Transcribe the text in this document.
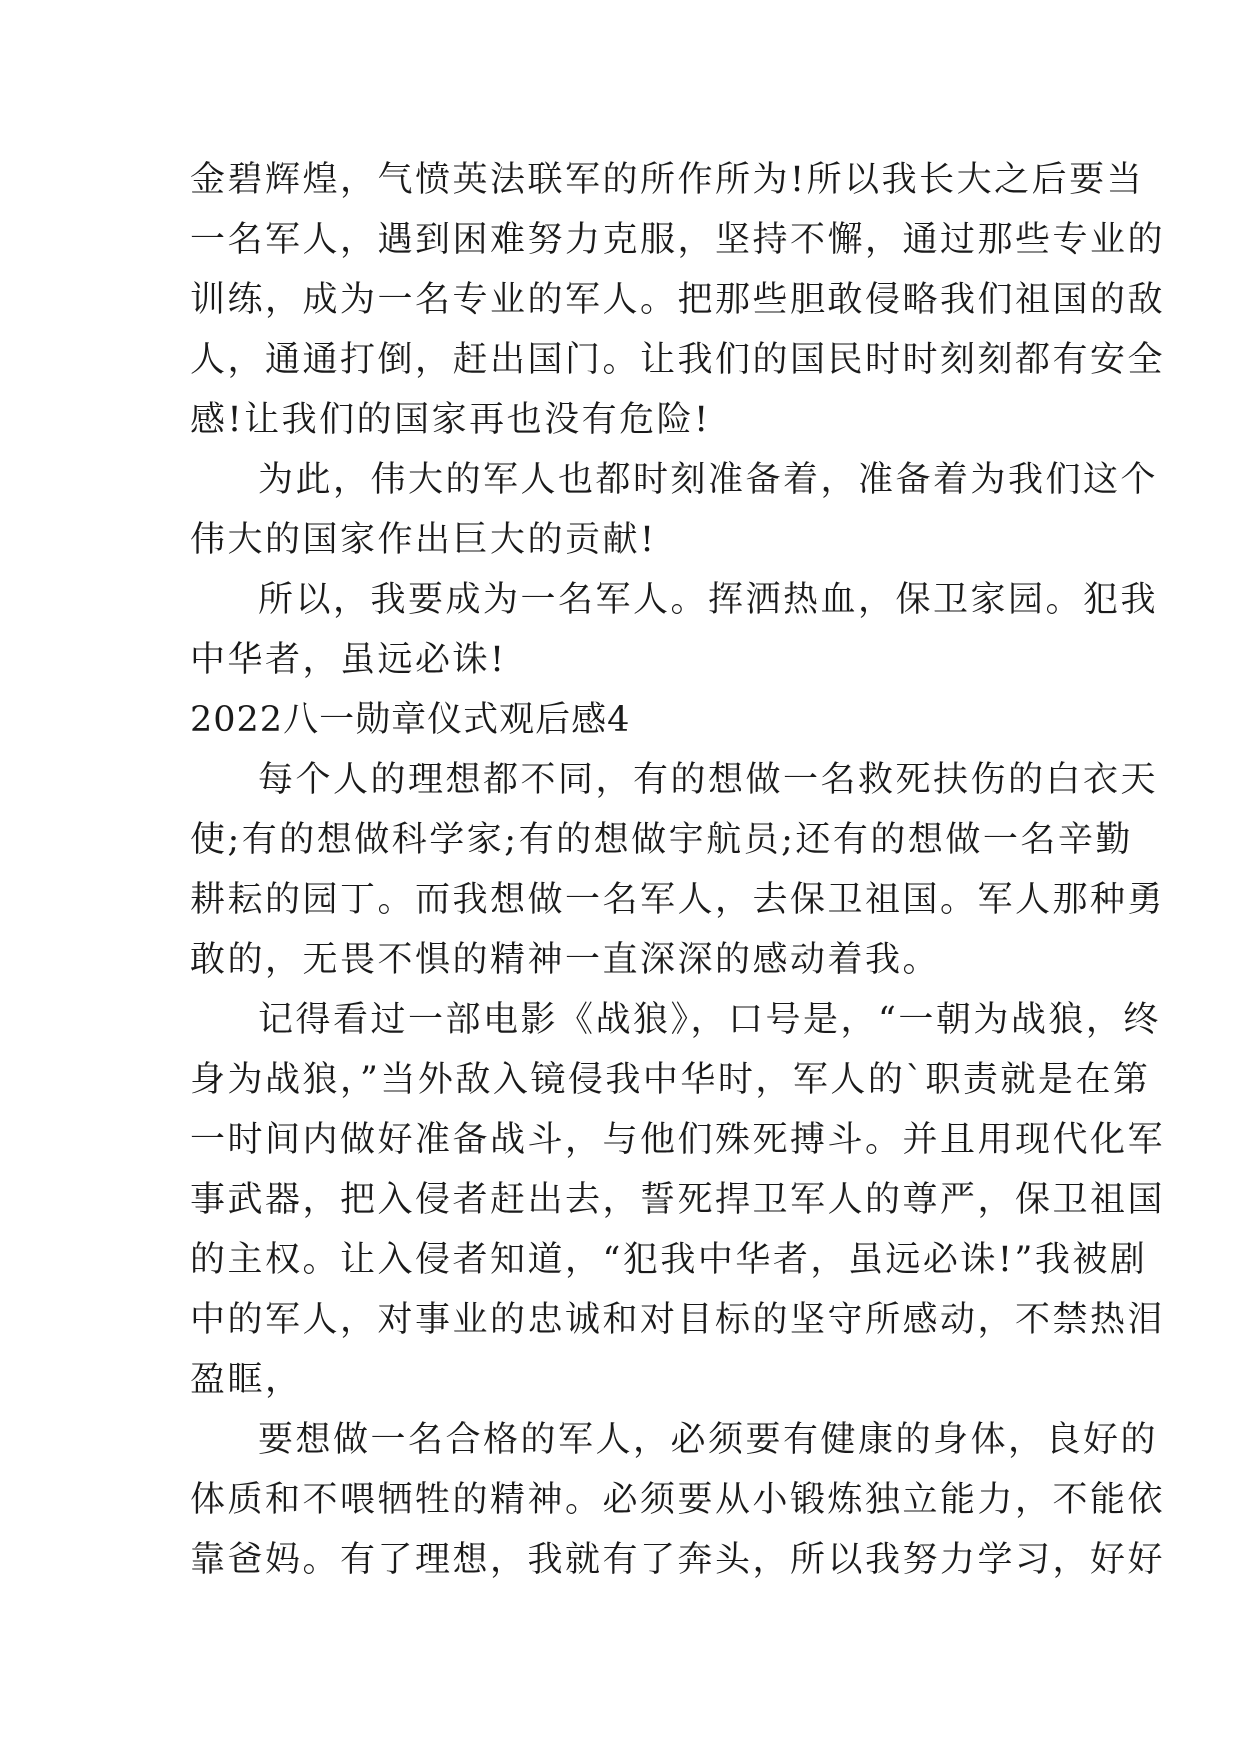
金碧辉煌，气愤英法联军的所作所为!所以我长大之后要当
一名军人，遇到困难努力克服，坚持不懈，通过那些专业的
训练，成为一名专业的军人。把那些胆敢侵略我们祖国的敌
人，通通打倒，赶出国门。让我们的国民时时刻刻都有安全
感!让我们的国家再也没有危险!
为此，伟大的军人也都时刻准备着，准备着为我们这个
伟大的国家作出巨大的贡献!
所以，我要成为一名军人。挥洒热血，保卫家园。犯我
中华者，虽远必诛!
2022八一勋章仪式观后感4
每个人的理想都不同，有的想做一名救死扶伤的白衣天
使;有的想做科学家;有的想做宇航员;还有的想做一名辛勤
耕耘的园丁。而我想做一名军人，去保卫祖国。军人那种勇
敢的，无畏不惧的精神一直深深的感动着我。
记得看过一部电影《战狼》，口号是，“一朝为战狼，终
身为战狼，”当外敌入镜侵我中华时，军人的`职责就是在第
一时间内做好准备战斗，与他们殊死搏斗。并且用现代化军
事武器，把入侵者赶出去，誓死捍卫军人的尊严，保卫祖国
的主权。让入侵者知道，“犯我中华者，虽远必诛!”我被剧
中的军人，对事业的忠诚和对目标的坚守所感动，不禁热泪
盈眶，
要想做一名合格的军人，必须要有健康的身体，良好的
体质和不喂牺牲的精神。必须要从小锻炼独立能力，不能依
靠爸妈。有了理想，我就有了奔头，所以我努力学习，好好
